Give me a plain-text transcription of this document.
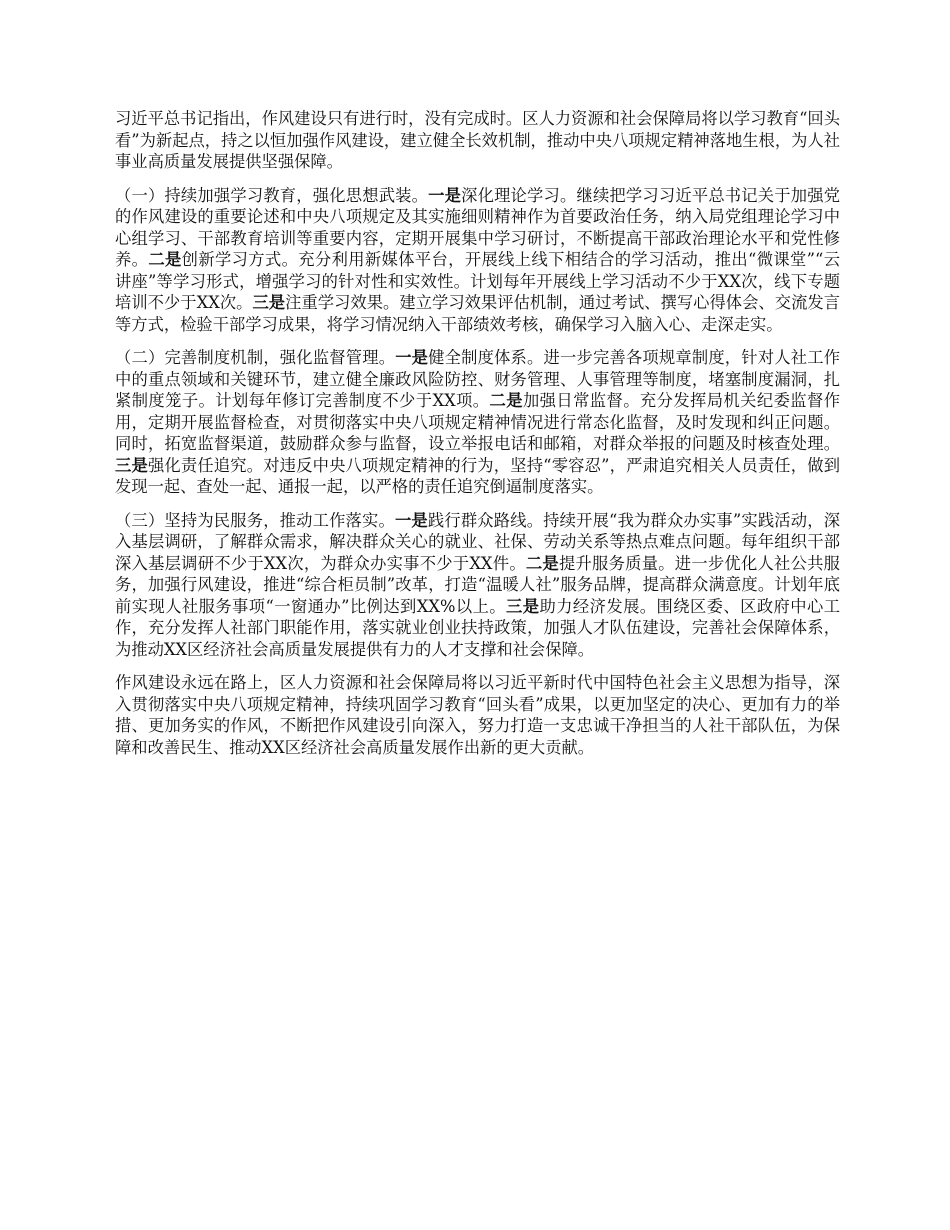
习近平总书记指出，作风建设只有进行时，没有完成时。区人力资源和社会保障局将以学习教育“回头看”为新起点，持之以恒加强作风建设，建立健全长效机制，推动中央八项规定精神落地生根，为人社事业高质量发展提供坚强保障。

（一）持续加强学习教育，强化思想武装。一是深化理论学习。继续把学习习近平总书记关于加强党的作风建设的重要论述和中央八项规定及其实施细则精神作为首要政治任务，纳入局党组理论学习中心组学习、干部教育培训等重要内容，定期开展集中学习研讨，不断提高干部政治理论水平和党性修养。二是创新学习方式。充分利用新媒体平台，开展线上线下相结合的学习活动，推出“微课堂”“云讲座”等学习形式，增强学习的针对性和实效性。计划每年开展线上学习活动不少于XX次，线下专题培训不少于XX次。三是注重学习效果。建立学习效果评估机制，通过考试、撰写心得体会、交流发言等方式，检验干部学习成果，将学习情况纳入干部绩效考核，确保学习入脑入心、走深走实。

（二）完善制度机制，强化监督管理。一是健全制度体系。进一步完善各项规章制度，针对人社工作中的重点领域和关键环节，建立健全廉政风险防控、财务管理、人事管理等制度，堵塞制度漏洞，扎紧制度笼子。计划每年修订完善制度不少于XX项。二是加强日常监督。充分发挥局机关纪委监督作用，定期开展监督检查，对贯彻落实中央八项规定精神情况进行常态化监督，及时发现和纠正问题。同时，拓宽监督渠道，鼓励群众参与监督，设立举报电话和邮箱，对群众举报的问题及时核查处理。三是强化责任追究。对违反中央八项规定精神的行为，坚持“零容忍”，严肃追究相关人员责任，做到发现一起、查处一起、通报一起，以严格的责任追究倒逼制度落实。

（三）坚持为民服务，推动工作落实。一是践行群众路线。持续开展“我为群众办实事”实践活动，深入基层调研，了解群众需求，解决群众关心的就业、社保、劳动关系等热点难点问题。每年组织干部深入基层调研不少于XX次，为群众办实事不少于XX件。二是提升服务质量。进一步优化人社公共服务，加强行风建设，推进“综合柜员制”改革，打造“温暖人社”服务品牌，提高群众满意度。计划年底前实现人社服务事项“一窗通办”比例达到XX%以上。三是助力经济发展。围绕区委、区政府中心工作，充分发挥人社部门职能作用，落实就业创业扶持政策，加强人才队伍建设，完善社会保障体系，为推动XX区经济社会高质量发展提供有力的人才支撑和社会保障。

作风建设永远在路上，区人力资源和社会保障局将以习近平新时代中国特色社会主义思想为指导，深入贯彻落实中央八项规定精神，持续巩固学习教育“回头看”成果，以更加坚定的决心、更加有力的举措、更加务实的作风，不断把作风建设引向深入，努力打造一支忠诚干净担当的人社干部队伍，为保障和改善民生、推动XX区经济社会高质量发展作出新的更大贡献。
